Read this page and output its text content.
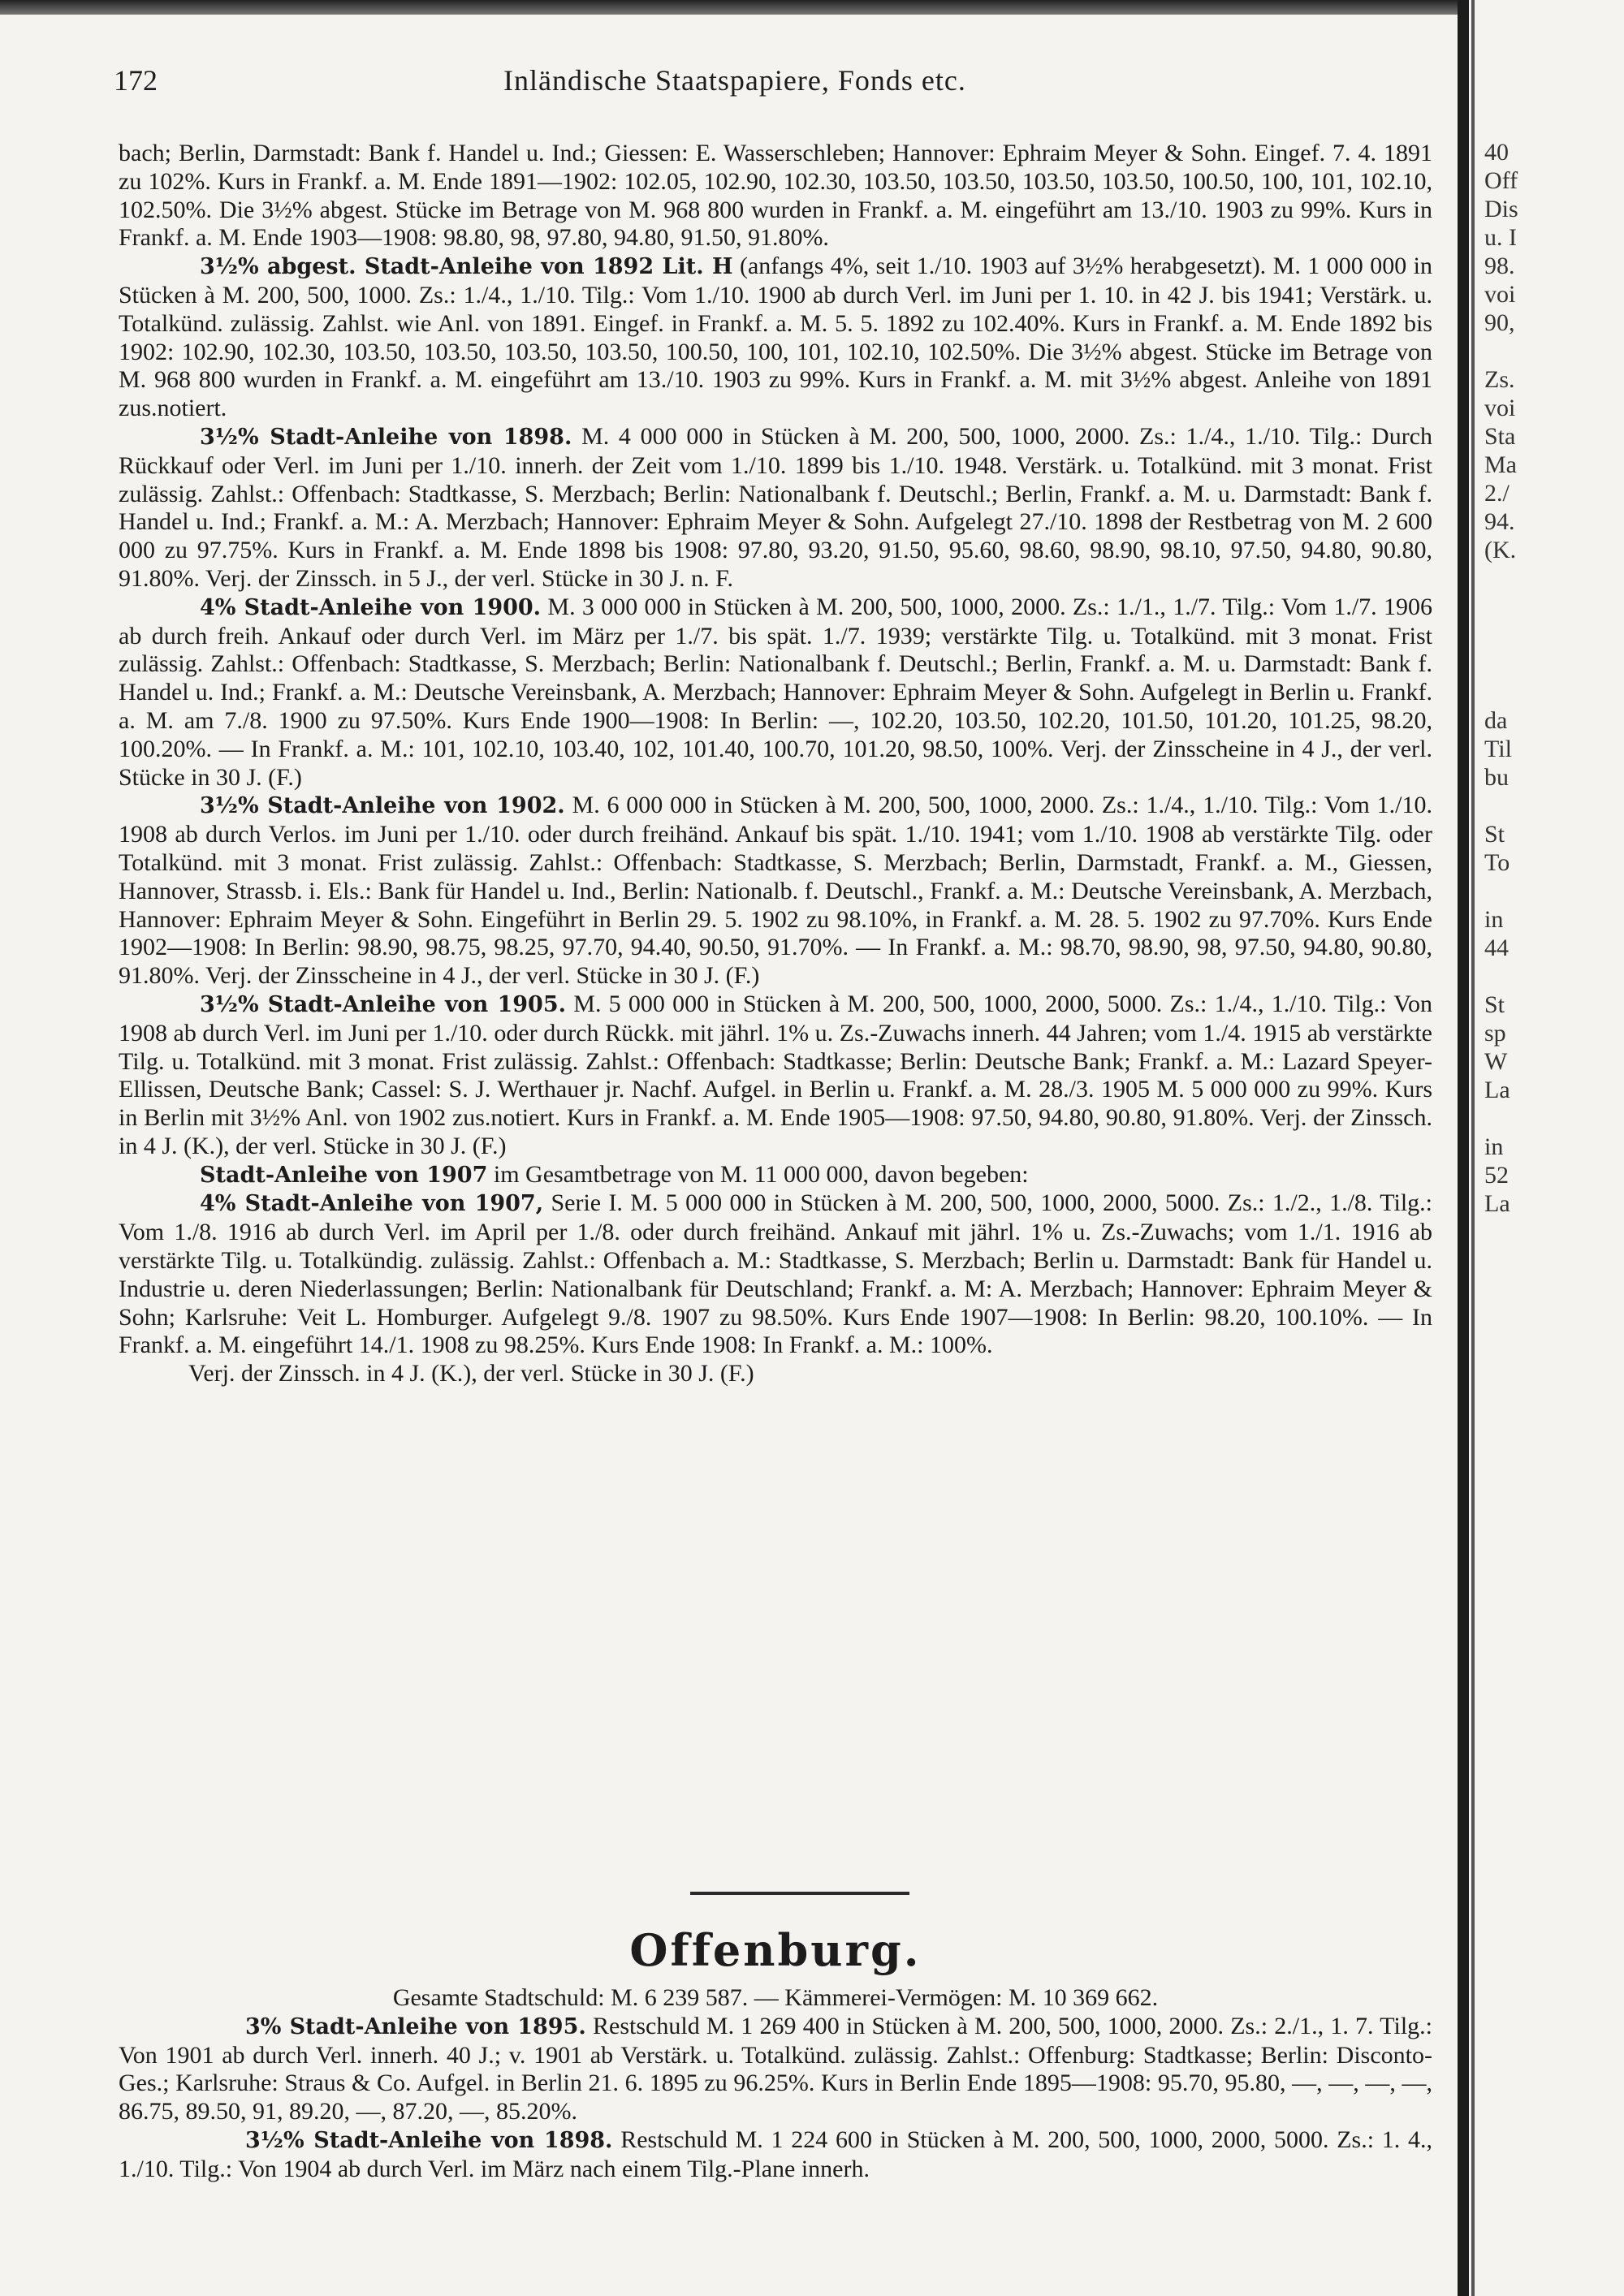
172	Inländische Staatspapiere, Fonds etc.

bach; Berlin, Darmstadt: Bank f. Handel u. Ind.; Giessen: E. Wasserschleben; Hannover: Ephraim Meyer & Sohn. Eingef. 7. 4. 1891 zu 102%. Kurs in Frankf. a. M. Ende 1891—1902: 102.05, 102.90, 102.30, 103.50, 103.50, 103.50, 103.50, 100.50, 100, 101, 102.10, 102.50%. Die 3½% abgest. Stücke im Betrage von M. 968 800 wurden in Frankf. a. M. eingeführt am 13./10. 1903 zu 99%. Kurs in Frankf. a. M. Ende 1903—1908: 98.80, 98, 97.80, 94.80, 91.50, 91.80%.

3½% abgest. Stadt-Anleihe von 1892 Lit. H (anfangs 4%, seit 1./10. 1903 auf 3½% herabgesetzt). M. 1 000 000 in Stücken à M. 200, 500, 1000. Zs.: 1./4., 1./10. Tilg.: Vom 1./10. 1900 ab durch Verl. im Juni per 1. 10. in 42 J. bis 1941; Verstärk. u. Totalkünd. zulässig. Zahlst. wie Anl. von 1891. Eingef. in Frankf. a. M. 5. 5. 1892 zu 102.40%. Kurs in Frankf. a. M. Ende 1892 bis 1902: 102.90, 102.30, 103.50, 103.50, 103.50, 103.50, 100.50, 100, 101, 102.10, 102.50%. Die 3½% abgest. Stücke im Betrage von M. 968 800 wurden in Frankf. a. M. eingeführt am 13./10. 1903 zu 99%. Kurs in Frankf. a. M. mit 3½% abgest. Anleihe von 1891 zus.notiert.

3½% Stadt-Anleihe von 1898. M. 4 000 000 in Stücken à M. 200, 500, 1000, 2000. Zs.: 1./4., 1./10. Tilg.: Durch Rückkauf oder Verl. im Juni per 1./10. innerh. der Zeit vom 1./10. 1899 bis 1./10. 1948. Verstärk. u. Totalkünd. mit 3 monat. Frist zulässig. Zahlst.: Offenbach: Stadtkasse, S. Merzbach; Berlin: Nationalbank f. Deutschl.; Berlin, Frankf. a. M. u. Darmstadt: Bank f. Handel u. Ind.; Frankf. a. M.: A. Merzbach; Hannover: Ephraim Meyer & Sohn. Aufgelegt 27./10. 1898 der Restbetrag von M. 2 600 000 zu 97.75%. Kurs in Frankf. a. M. Ende 1898 bis 1908: 97.80, 93.20, 91.50, 95.60, 98.60, 98.90, 98.10, 97.50, 94.80, 90.80, 91.80%. Verj. der Zinssch. in 5 J., der verl. Stücke in 30 J. n. F.

4% Stadt-Anleihe von 1900. M. 3 000 000 in Stücken à M. 200, 500, 1000, 2000. Zs.: 1./1., 1./7. Tilg.: Vom 1./7. 1906 ab durch freih. Ankauf oder durch Verl. im März per 1./7. bis spät. 1./7. 1939; verstärkte Tilg. u. Totalkünd. mit 3 monat. Frist zulässig. Zahlst.: Offenbach: Stadtkasse, S. Merzbach; Berlin: Nationalbank f. Deutschl.; Berlin, Frankf. a. M. u. Darmstadt: Bank f. Handel u. Ind.; Frankf. a. M.: Deutsche Vereinsbank, A. Merzbach; Hannover: Ephraim Meyer & Sohn. Aufgelegt in Berlin u. Frankf. a. M. am 7./8. 1900 zu 97.50%. Kurs Ende 1900—1908: In Berlin: —, 102.20, 103.50, 102.20, 101.50, 101.20, 101.25, 98.20, 100.20%. — In Frankf. a. M.: 101, 102.10, 103.40, 102, 101.40, 100.70, 101.20, 98.50, 100%. Verj. der Zinsscheine in 4 J., der verl. Stücke in 30 J. (F.)

3½% Stadt-Anleihe von 1902. M. 6 000 000 in Stücken à M. 200, 500, 1000, 2000. Zs.: 1./4., 1./10. Tilg.: Vom 1./10. 1908 ab durch Verlos. im Juni per 1./10. oder durch freihänd. Ankauf bis spät. 1./10. 1941; vom 1./10. 1908 ab verstärkte Tilg. oder Totalkünd. mit 3 monat. Frist zulässig. Zahlst.: Offenbach: Stadtkasse, S. Merzbach; Berlin, Darmstadt, Frankf. a. M., Giessen, Hannover, Strassb. i. Els.: Bank für Handel u. Ind., Berlin: Nationalb. f. Deutschl., Frankf. a. M.: Deutsche Vereinsbank, A. Merzbach, Hannover: Ephraim Meyer & Sohn. Eingeführt in Berlin 29. 5. 1902 zu 98.10%, in Frankf. a. M. 28. 5. 1902 zu 97.70%. Kurs Ende 1902—1908: In Berlin: 98.90, 98.75, 98.25, 97.70, 94.40, 90.50, 91.70%. — In Frankf. a. M.: 98.70, 98.90, 98, 97.50, 94.80, 90.80, 91.80%. Verj. der Zinsscheine in 4 J., der verl. Stücke in 30 J. (F.)

3½% Stadt-Anleihe von 1905. M. 5 000 000 in Stücken à M. 200, 500, 1000, 2000, 5000. Zs.: 1./4., 1./10. Tilg.: Von 1908 ab durch Verl. im Juni per 1./10. oder durch Rückk. mit jährl. 1% u. Zs.-Zuwachs innerh. 44 Jahren; vom 1./4. 1915 ab verstärkte Tilg. u. Totalkünd. mit 3 monat. Frist zulässig. Zahlst.: Offenbach: Stadtkasse; Berlin: Deutsche Bank; Frankf. a. M.: Lazard Speyer-Ellissen, Deutsche Bank; Cassel: S. J. Werthauer jr. Nachf. Aufgel. in Berlin u. Frankf. a. M. 28./3. 1905 M. 5 000 000 zu 99%. Kurs in Berlin mit 3½% Anl. von 1902 zus.notiert. Kurs in Frankf. a. M. Ende 1905—1908: 97.50, 94.80, 90.80, 91.80%. Verj. der Zinssch. in 4 J. (K.), der verl. Stücke in 30 J. (F.)

Stadt-Anleihe von 1907 im Gesamtbetrage von M. 11 000 000, davon begeben:

4% Stadt-Anleihe von 1907, Serie I. M. 5 000 000 in Stücken à M. 200, 500, 1000, 2000, 5000. Zs.: 1./2., 1./8. Tilg.: Vom 1./8. 1916 ab durch Verl. im April per 1./8. oder durch freihänd. Ankauf mit jährl. 1% u. Zs.-Zuwachs; vom 1./1. 1916 ab verstärkte Tilg. u. Totalkündig. zulässig. Zahlst.: Offenbach a. M.: Stadtkasse, S. Merzbach; Berlin u. Darmstadt: Bank für Handel u. Industrie u. deren Niederlassungen; Berlin: Nationalbank für Deutschland; Frankf. a. M: A. Merzbach; Hannover: Ephraim Meyer & Sohn; Karlsruhe: Veit L. Homburger. Aufgelegt 9./8. 1907 zu 98.50%. Kurs Ende 1907—1908: In Berlin: 98.20, 100.10%. — In Frankf. a. M. eingeführt 14./1. 1908 zu 98.25%. Kurs Ende 1908: In Frankf. a. M.: 100%.

Verj. der Zinssch. in 4 J. (K.), der verl. Stücke in 30 J. (F.)

Offenburg.

Gesamte Stadtschuld: M. 6 239 587. — Kämmerei-Vermögen: M. 10 369 662.

3% Stadt-Anleihe von 1895. Restschuld M. 1 269 400 in Stücken à M. 200, 500, 1000, 2000. Zs.: 2./1., 1. 7. Tilg.: Von 1901 ab durch Verl. innerh. 40 J.; v. 1901 ab Verstärk. u. Totalkünd. zulässig. Zahlst.: Offenburg: Stadtkasse; Berlin: Disconto-Ges.; Karlsruhe: Straus & Co. Aufgel. in Berlin 21. 6. 1895 zu 96.25%. Kurs in Berlin Ende 1895—1908: 95.70, 95.80, —, —, —, —, 86.75, 89.50, 91, 89.20, —, 87.20, —, 85.20%.

3½% Stadt-Anleihe von 1898. Restschuld M. 1 224 600 in Stücken à M. 200, 500, 1000, 2000, 5000. Zs.: 1. 4., 1./10. Tilg.: Von 1904 ab durch Verl. im März nach einem Tilg.-Plane innerh.

40
Off
Dis
u. I
98.
voi
90,
Zs.
voi
Sta
Ma
2./
94.
(K.
da
Til
bu
St
To
in
44
St
sp
W
La
in
52
La
